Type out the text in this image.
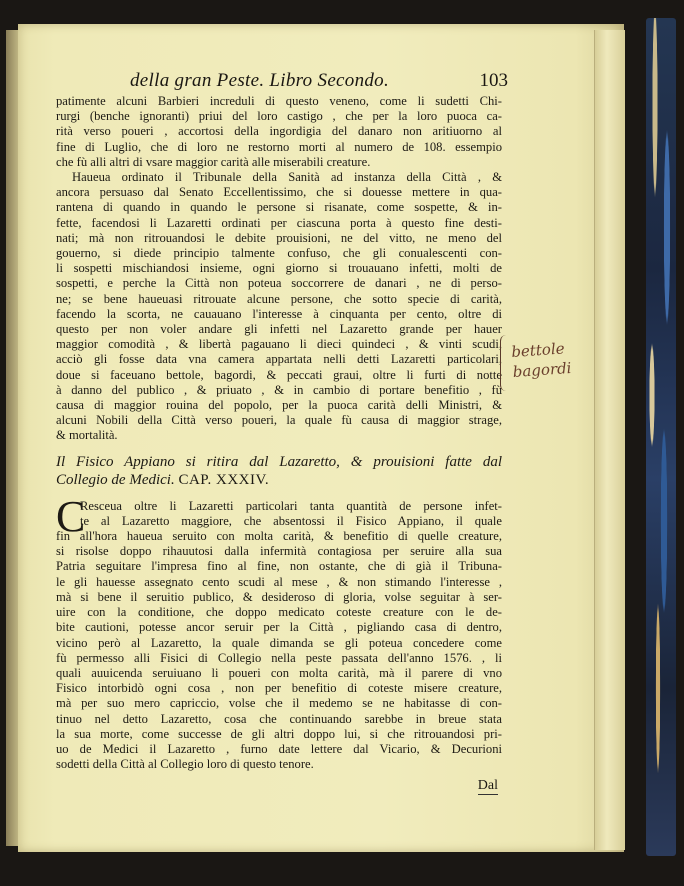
della gran Peste. Libro Secondo.	103
patimente alcuni Barbieri increduli di questo veneno, come li sudetti Chi-
rurgi (benche ignoranti) priui del loro castigo , che per la loro puoca ca-
rità verso poueri , accortosi della ingordigia del danaro non aritiuorno al
fine di Luglio, che di loro ne restorno morti al numero de 108. essempio
che fù alli altri di vsare maggior carità alle miserabili creature.
Haueua ordinato il Tribunale della Sanità ad instanza della Città , &
ancora persuaso dal Senato Eccellentissimo, che si douesse mettere in qua-
rantena di quando in quando le persone si risanate, come sospette, & in-
fette, facendosi li Lazaretti ordinati per ciascuna porta à questo fine desti-
nati; mà non ritrouandosi le debite prouisioni, ne del vitto, ne meno del
gouerno, si diede principio talmente confuso, che gli conualescenti con-
li sospetti mischiandosi insieme, ogni giorno si trouauano infetti, molti de
sospetti, e perche la Città non poteua soccorrere de danari , ne di perso-
ne; se bene haueuasi ritrouate alcune persone, che sotto specie di carità,
facendo la scorta, ne cauauano l'interesse à cinquanta per cento, oltre di
questo per non voler andare gli infetti nel Lazaretto grande per hauer
maggior comodità , & libertà pagauano li dieci quindeci , & vinti scudi,
acciò gli fosse data vna camera appartata nelli detti Lazaretti particolari,
doue si faceuano bettole, bagordi, & peccati graui, oltre li furti di notte
à danno del publico , & priuato , & in cambio di portare benefitio , fù
causa di maggior rouina del popolo, per la puoca carità delli Ministri, &
alcuni Nobili della Città verso poueri, la quale fù causa di maggior strage,
& mortalità.
Il Fisico Appiano si ritira dal Lazaretto, & prouisioni fatte dal
Collegio de Medici. CAP. XXXIV.
C
Resceua oltre li Lazaretti particolari tanta quantità de persone infet-
te al Lazaretto maggiore, che absentossi il Fisico Appiano, il quale
fin all'hora haueua seruito con molta carità, & benefitio di quelle creature,
si risolse doppo rihauutosi dalla infermità contagiosa per seruire alla sua
Patria seguitare l'impresa fino al fine, non ostante, che di già il Tribuna-
le gli hauesse assegnato cento scudi al mese , & non stimando l'interesse ,
mà si bene il seruitio publico, & desideroso di gloria, volse seguitar à ser-
uire con la conditione, che doppo medicato coteste creature con le de-
bite cautioni, potesse ancor seruir per la Città , pigliando casa di dentro,
vicino però al Lazaretto, la quale dimanda se gli poteua concedere come
fù permesso alli Fisici di Collegio nella peste passata dell'anno 1576. , li
quali auuicenda seruiuano li poueri con molta carità, mà il parere di vno
Fisico intorbidò ogni cosa , non per benefitio di coteste misere creature,
mà per suo mero capriccio, volse che il medemo se ne habitasse di con-
tinuo nel detto Lazaretto, cosa che continuando sarebbe in breue stata
la sua morte, come successe de gli altri doppo lui, si che ritrouandosi pri-
uo de Medici il Lazaretto , furno date lettere dal Vicario, & Decurioni
sodetti della Città al Collegio loro di questo tenore.
Dal
bettole
bagordi
